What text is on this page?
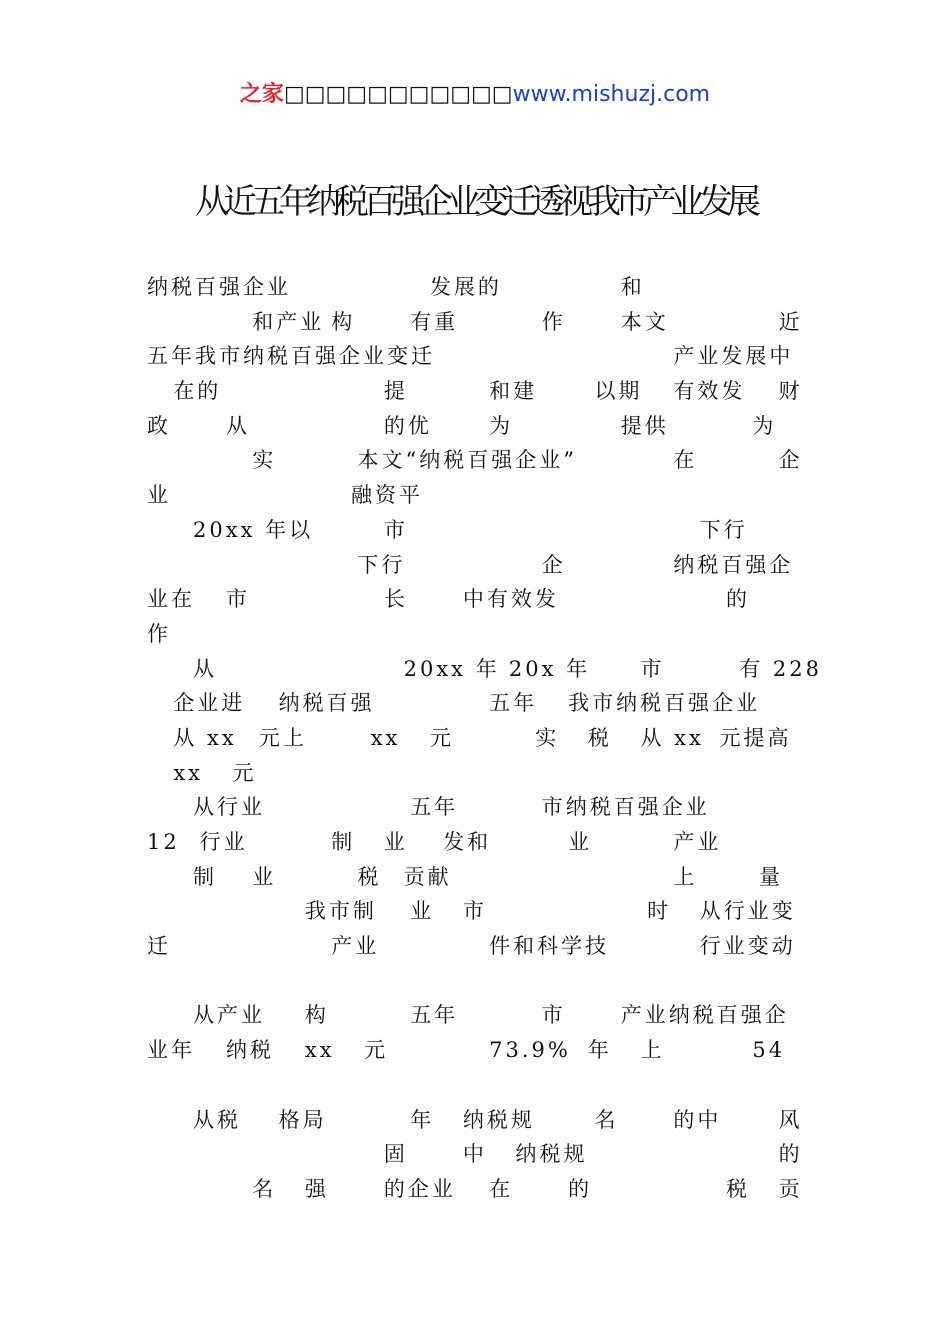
之家□□□□□□□□□□□www.mishuzj.com
从近五年纳税百强企业变迁透视我市产业发展
纳税百强企业	发展的	和
和产业 构	有重	作	本文	近
五年我市纳税百强企业变迁	产业发展中
在的	提	和建	以期 有效发 财
政	从	的优	为	提供	为
实	本文“纳税百强企业”	在	企
业	融资平
20xx 年以	市	下行
下行	企	纳税百强企
业在 市	长	中有效发	的
作
从	20xx 年 20x 年 市	有 228
企业进 纳税百强	五年 我市纳税百强企业
从 xx 元上	xx 元	实 税 从 xx 元提高
xx 元
从行业	五年	市纳税百强企业
12 行业	制 业 发和	业	产业
制 业	税 贡献	上	量
我市制 业 市	时 从行业变
迁	产业	件和科学技	行业变动
从产业 构	五年	市	产业纳税百强企
业年 纳税 xx 元	73.9% 年 上	54
从税 格局	年 纳税规	名	的中	风
固	中 纳税规	的
名 强	的企业 在	的	税 贡
